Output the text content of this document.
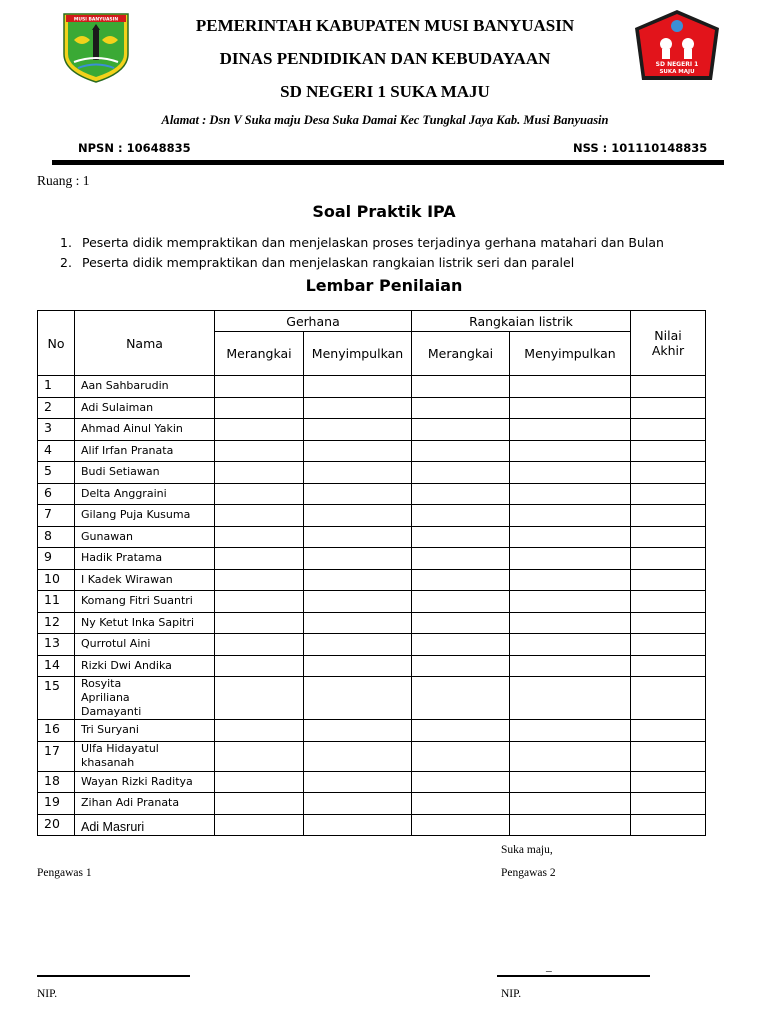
MUSI BANYUASIN
SD NEGERI 1
SUKA MAJU
PEMERINTAH KABUPATEN MUSI BANYUASIN
DINAS PENDIDIKAN DAN KEBUDAYAAN
SD NEGERI 1 SUKA MAJU
Alamat : Dsn V Suka maju Desa Suka Damai Kec Tungkal Jaya Kab. Musi Banyuasin
NPSN : 10648835	NSS : 101110148835
Ruang : 1
Soal Praktik IPA
1. Peserta didik mempraktikan dan menjelaskan proses terjadinya gerhana matahari dan Bulan
2. Peserta didik mempraktikan dan menjelaskan rangkaian listrik seri dan paralel
Lembar Penilaian
No	Nama	Gerhana		Rangkaian listrik		Nilai
Akhir

		Merangkai	Menyimpulkan	Merangkai	Menyimpulkan	
1	Aan Sahbarudin					
2	Adi Sulaiman					
3	Ahmad Ainul Yakin					
4	Alif Irfan Pranata					
5	Budi Setiawan					
6	Delta Anggraini					
7	Gilang Puja Kusuma					
8	Gunawan					
9	Hadik Pratama					
10	I Kadek Wirawan					
11	Komang Fitri Suantri					
12	Ny Ketut Inka Sapitri					
13	Qurrotul Aini					
14	Rizki Dwi Andika					
15	Rosyita Apriliana Damayanti					
16	Tri Suryani					
17	Ulfa Hidayatul khasanah					
18	Wayan Rizki Raditya					
19	Zihan Adi Pranata					
20	Adi Masruri					
Suka maju,
Pengawas 1	Pengawas 2
_
NIP.	NIP.
